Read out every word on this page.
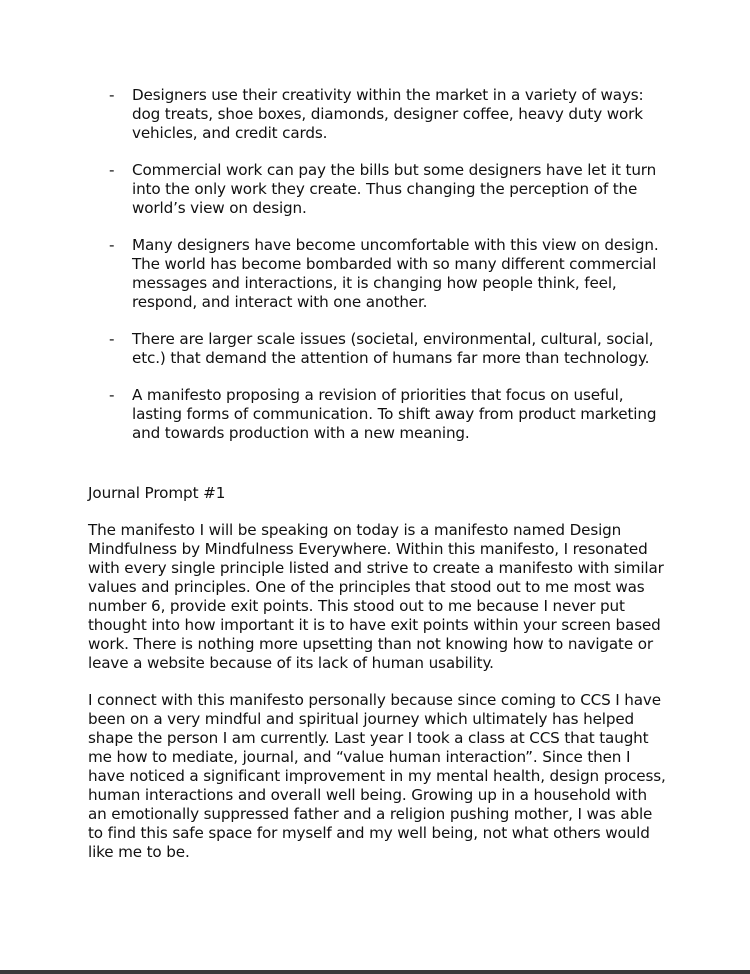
- Designers use their creativity within the market in a variety of ways: dog treats, shoe boxes, diamonds, designer coffee, heavy duty work vehicles, and credit cards.
- Commercial work can pay the bills but some designers have let it turn into the only work they create. Thus changing the perception of the world’s view on design.
- Many designers have become uncomfortable with this view on design. The world has become bombarded with so many different commercial messages and interactions, it is changing how people think, feel, respond, and interact with one another.
- There are larger scale issues (societal, environmental, cultural, social, etc.) that demand the attention of humans far more than technology.
- A manifesto proposing a revision of priorities that focus on useful, lasting forms of communication. To shift away from product marketing and towards production with a new meaning.
Journal Prompt #1

The manifesto I will be speaking on today is a manifesto named Design Mindfulness by Mindfulness Everywhere. Within this manifesto, I resonated with every single principle listed and strive to create a manifesto with similar values and principles. One of the principles that stood out to me most was number 6, provide exit points. This stood out to me because I never put thought into how important it is to have exit points within your screen based work. There is nothing more upsetting than not knowing how to navigate or leave a website because of its lack of human usability.

I connect with this manifesto personally because since coming to CCS I have been on a very mindful and spiritual journey which ultimately has helped shape the person I am currently. Last year I took a class at CCS that taught me how to mediate, journal, and “value human interaction”. Since then I have noticed a significant improvement in my mental health, design process, human interactions and overall well being. Growing up in a household with an emotionally suppressed father and a religion pushing mother, I was able to find this safe space for myself and my well being, not what others would like me to be.
